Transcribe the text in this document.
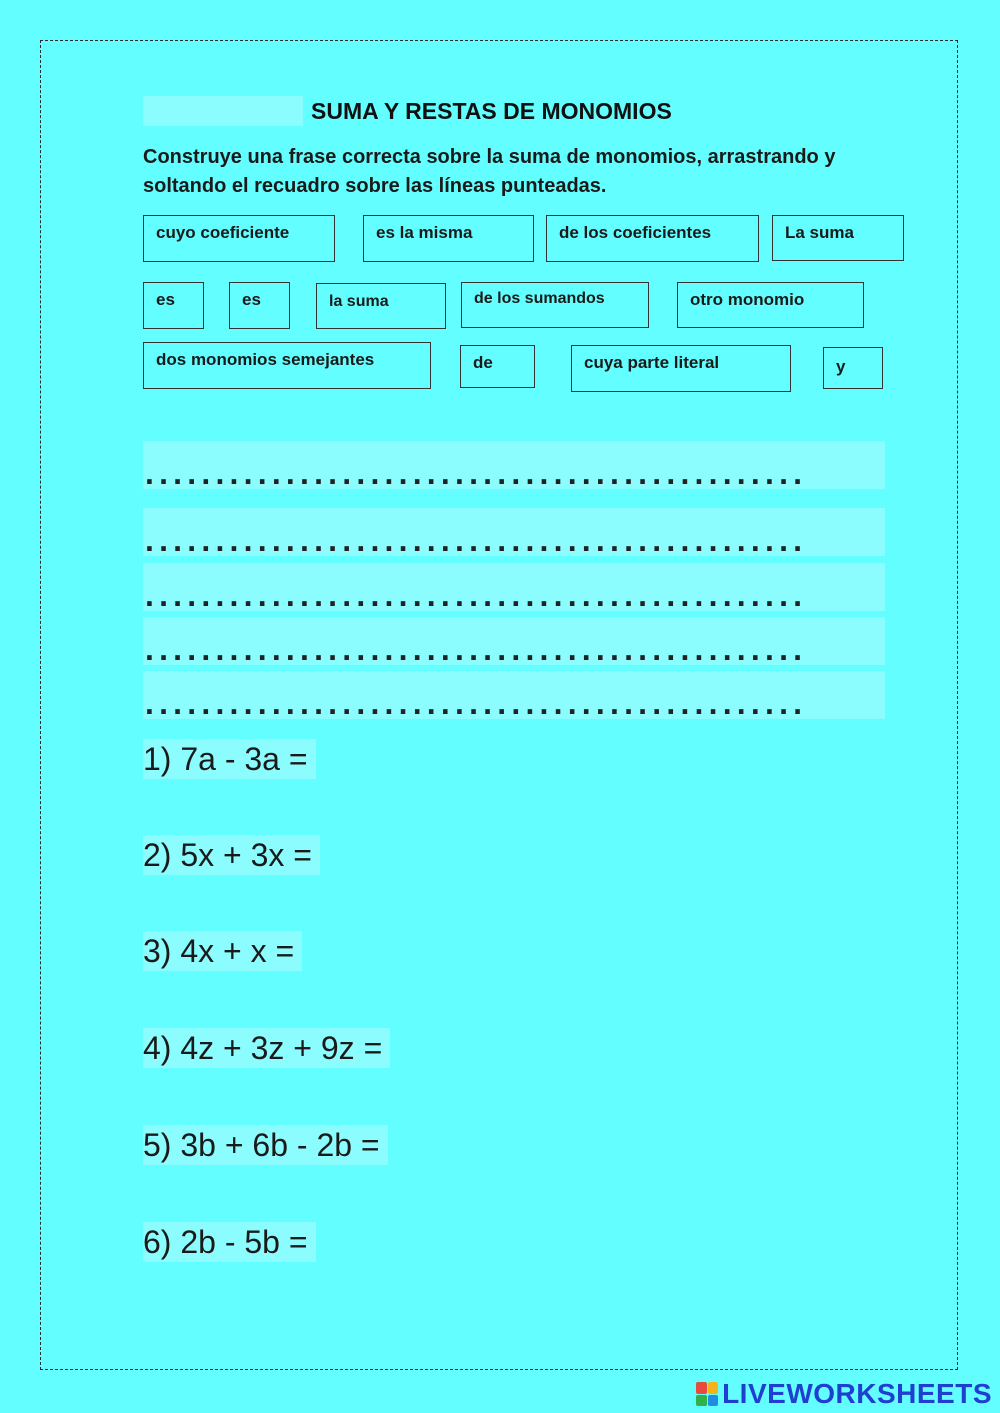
SUMA Y RESTAS DE MONOMIOS
Construye una frase correcta sobre la suma de monomios, arrastrando y soltando el recuadro sobre las líneas punteadas.
cuyo coeficiente	es la misma	de los coeficientes	La suma
es	es	la suma	de los sumandos	otro monomio
dos monomios semejantes	de	cuya parte literal	y
...............................................
...............................................
...............................................
...............................................
...............................................
1) 7a - 3a =
2) 5x + 3x =
3) 4x + x =
4) 4z + 3z + 9z =
5) 3b + 6b - 2b =
6) 2b - 5b =
LIVEWORKSHEETS
